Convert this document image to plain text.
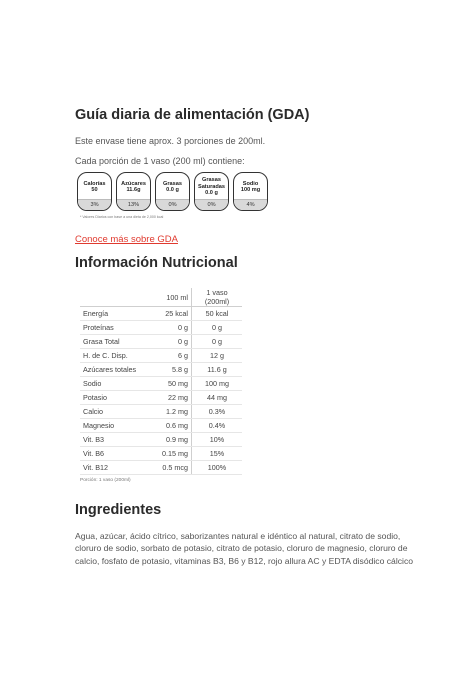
Guía diaria de alimentación (GDA)
Este envase tiene aprox. 3 porciones de 200ml.
Cada porción de 1 vaso (200 ml) contiene:
Calorías
50
3%
Azúcares
11.6g
13%
Grasas
0.0 g
0%
Grasas Saturadas
0.0 g
0%
Sodio
100 mg
4%
* Valores Diarios con base a una dieta de 2,000 kcal
Conoce más sobre GDA
Información Nutricional
	100 ml	1 vaso (200ml)
Energía	25 kcal	50 kcal
Proteínas	0 g	0 g
Grasa Total	0 g	0 g
H. de C. Disp.	6 g	12 g
Azúcares totales	5.8 g	11.6 g
Sodio	50 mg	100 mg
Potasio	22 mg	44 mg
Calcio	1.2 mg	0.3%
Magnesio	0.6 mg	0.4%
Vit. B3	0.9 mg	10%
Vit. B6	0.15 mg	15%
Vit. B12	0.5 mcg	100%
Porción: 1 vaso (200ml)
Ingredientes
Agua, azúcar, ácido cítrico, saborizantes natural e idéntico al natural, citrato de sodio, cloruro de sodio, sorbato de potasio, citrato de potasio, cloruro de magnesio, cloruro de calcio, fosfato de potasio, vitaminas B3, B6 y B12, rojo allura AC y EDTA disódico cálcico
